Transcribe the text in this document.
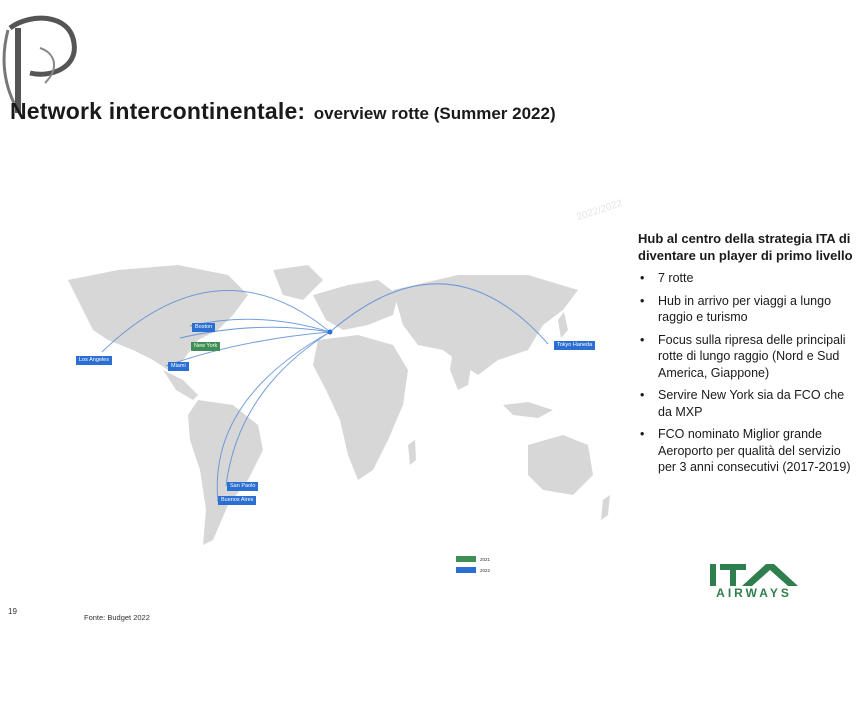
Network intercontinentale: overview rotte (Summer 2022)
2022/2022
Los Angeles
Boston
New York
Miami
Tokyo Haneda
San Paolo
Buenos Aires
2021
2022
Hub al centro della strategia ITA di diventare un player di primo livello
• 7 rotte
• Hub in arrivo per viaggi a lungo raggio e turismo
• Focus sulla ripresa delle principali rotte di lungo raggio (Nord e Sud America, Giappone)
• Servire New York sia da FCO che da MXP
• FCO nominato Miglior grande Aeroporto per qualità del servizio per 3 anni consecutivi (2017-2019)
AIRWAYS
19
Fonte: Budget 2022
